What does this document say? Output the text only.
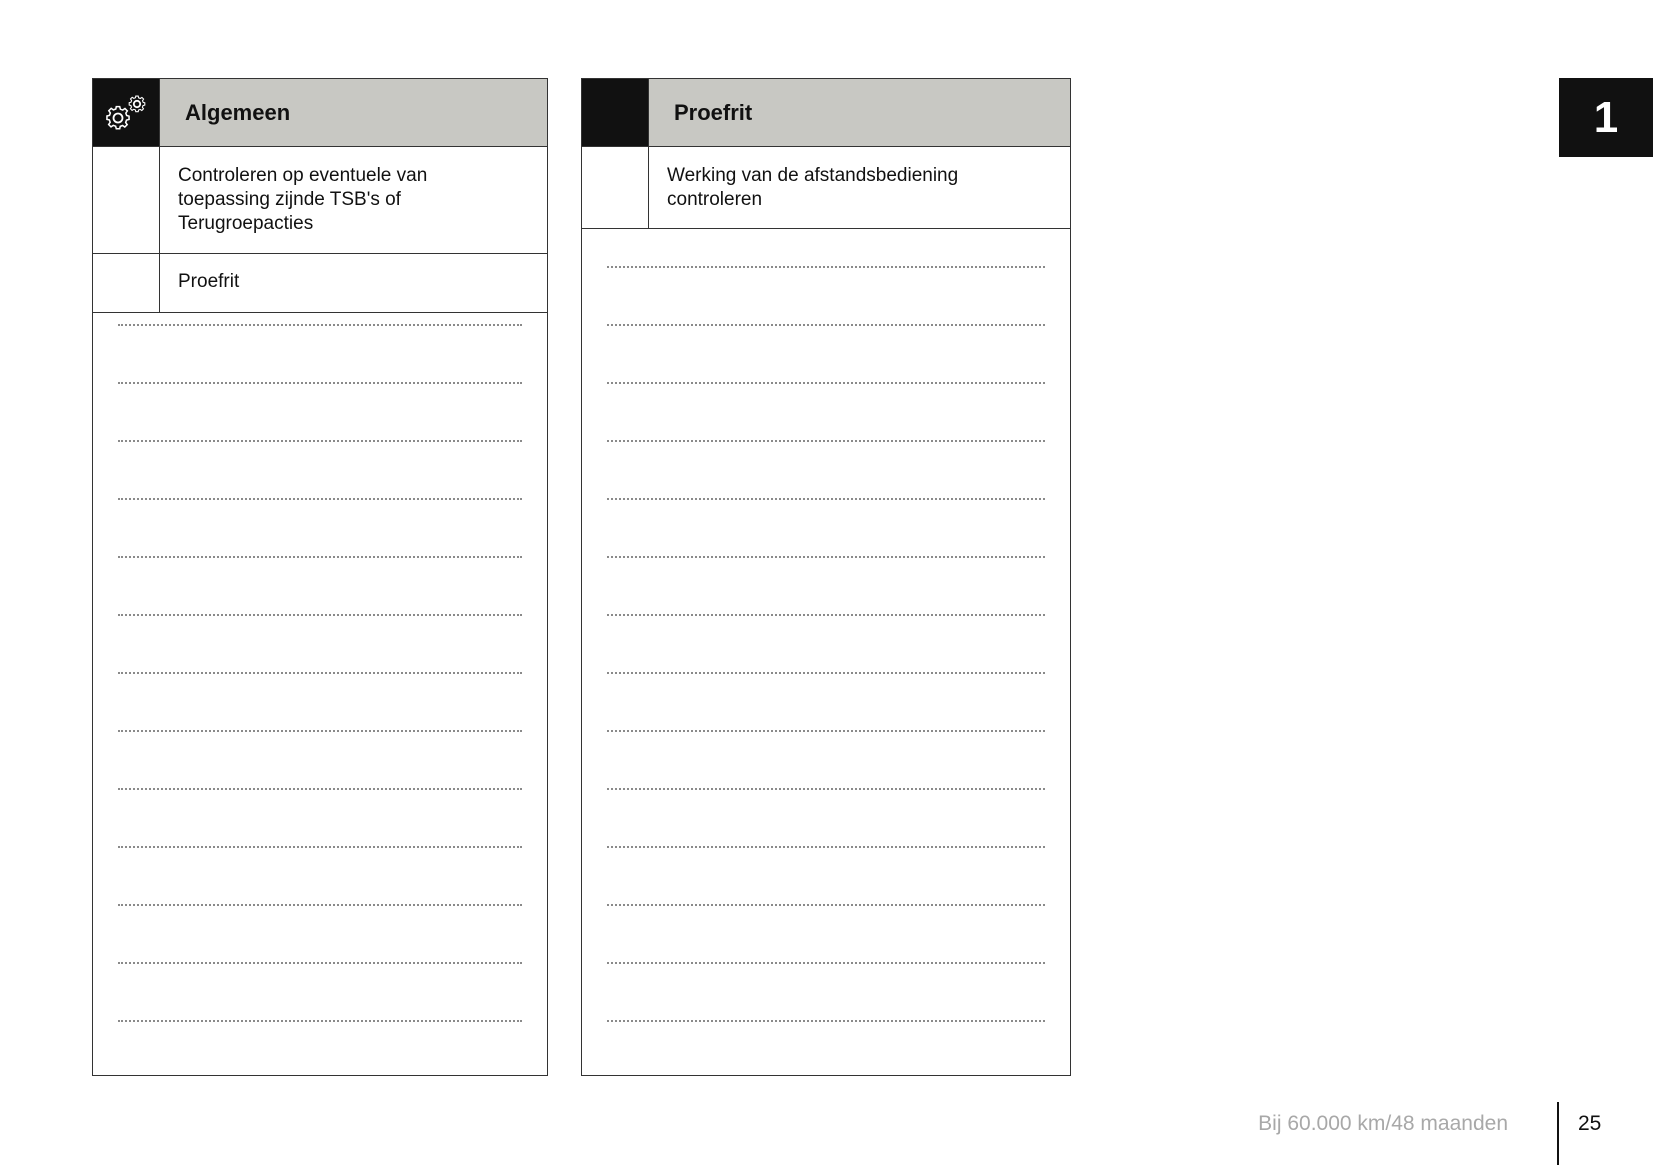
Algemeen
Controleren op eventuele van
toepassing zijnde TSB's of
Terugroepacties
Proefrit
Proefrit
Werking van de afstandsbediening
controleren
1
Bij 60.000 km/48 maanden	25
